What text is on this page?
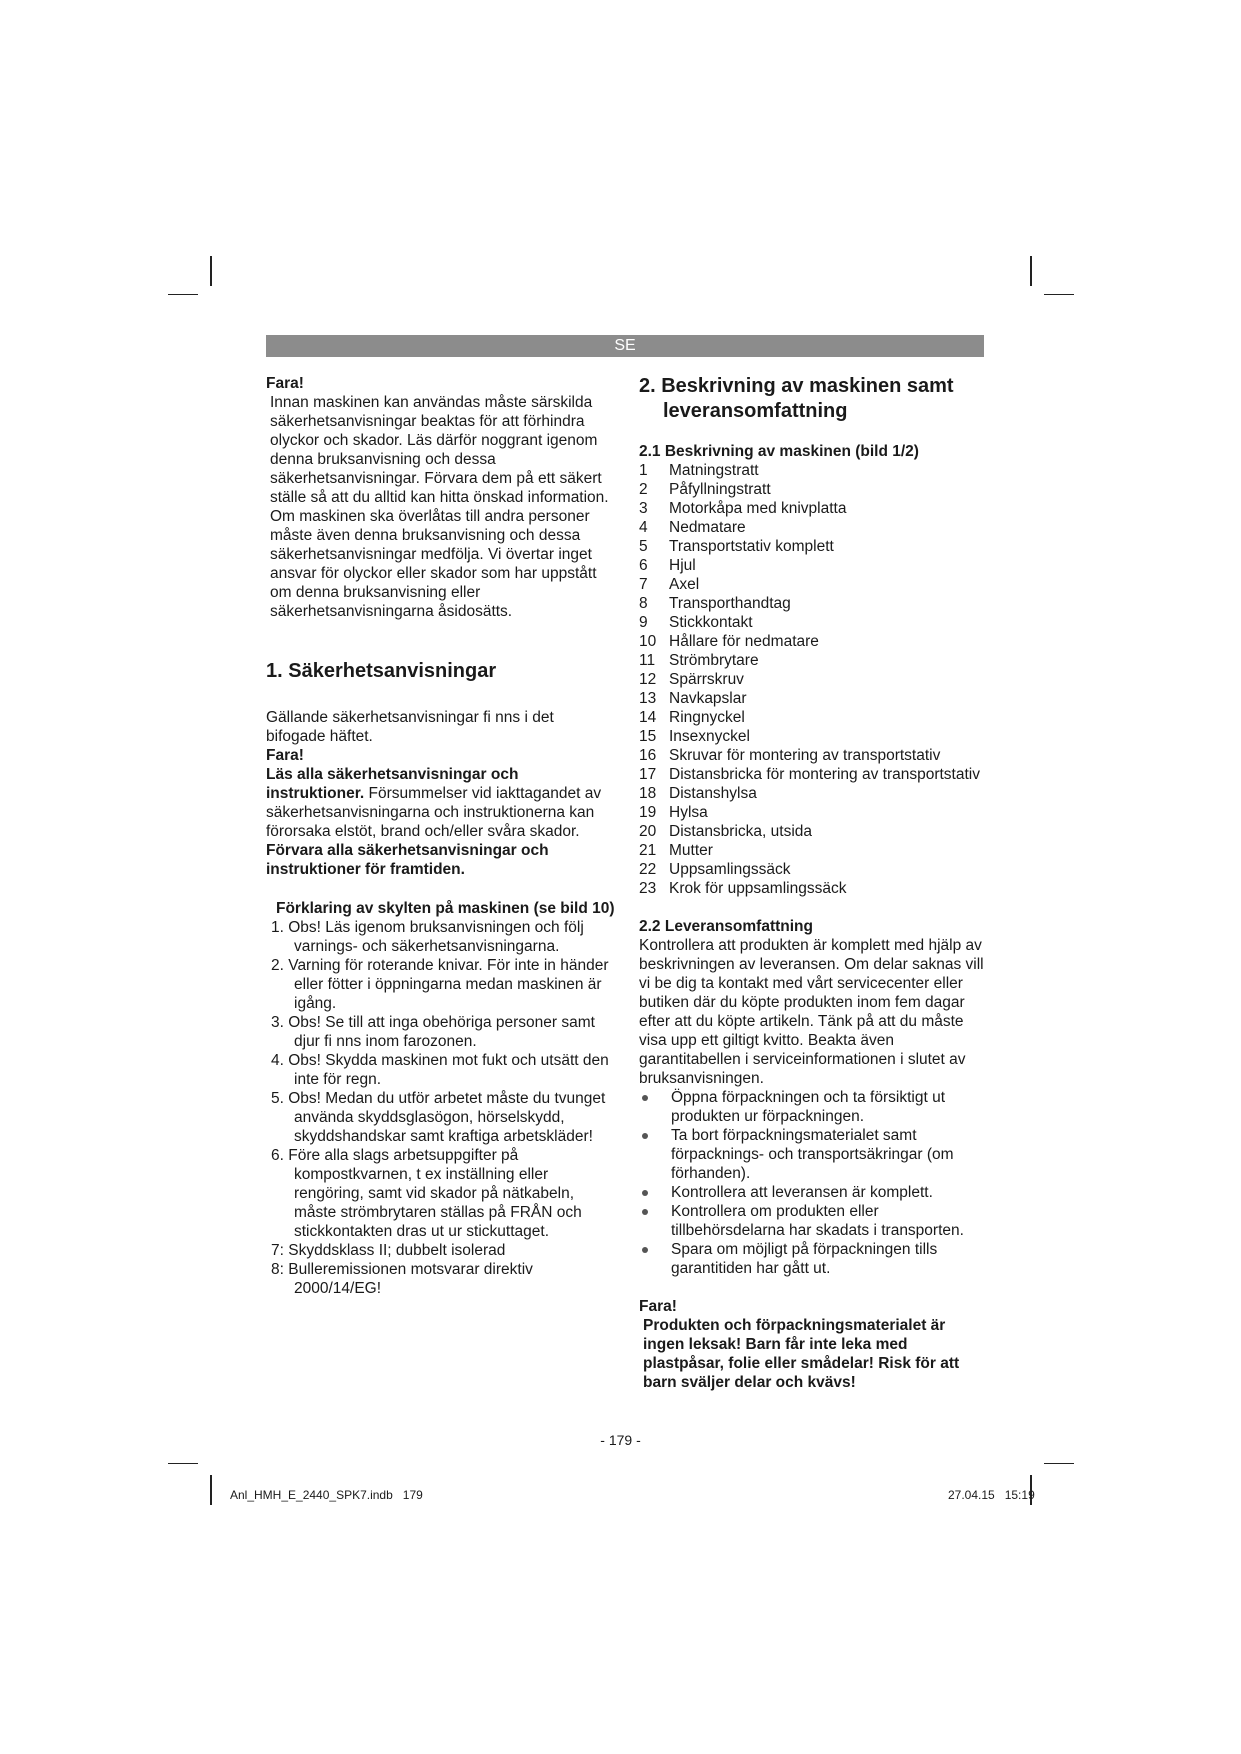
SE

Fara!

Innan maskinen kan användas måste särskilda säkerhetsanvisningar beaktas för att förhindra olyckor och skador. Läs därför noggrant igenom denna bruksanvisning och dessa säkerhetsanvisningar. Förvara dem på ett säkert ställe så att du alltid kan hitta önskad information. Om maskinen ska överlåtas till andra personer måste även denna bruksanvisning och dessa säkerhetsanvisningar medfölja. Vi övertar inget ansvar för olyckor eller skador som har uppstått om denna bruksanvisning eller säkerhetsanvisningarna åsidosätts.

1. Säkerhetsanvisningar

Gällande säkerhetsanvisningar fi nns i det bifogade häftet.

Fara!

Läs alla säkerhetsanvisningar och instruktioner. Försummelser vid iakttagandet av säkerhetsanvisningarna och instruktionerna kan förorsaka elstöt, brand och/eller svåra skador. Förvara alla säkerhetsanvisningar och instruktioner för framtiden.

Förklaring av skylten på maskinen (se bild 10)

1. Obs! Läs igenom bruksanvisningen och följ varnings- och säkerhetsanvisningarna.
2. Varning för roterande knivar. För inte in händer eller fötter i öppningarna medan maskinen är igång.
3. Obs! Se till att inga obehöriga personer samt djur fi nns inom farozonen.
4. Obs! Skydda maskinen mot fukt och utsätt den inte för regn.
5. Obs! Medan du utför arbetet måste du tvunget använda skyddsglasögon, hörselskydd, skyddshandskar samt kraftiga arbetskläder!
6. Före alla slags arbetsuppgifter på kompostkvarnen, t ex inställning eller rengöring, samt vid skador på nätkabeln, måste strömbrytaren ställas på FRÅN och stickkontakten dras ut ur stickuttaget.
7: Skyddsklass II; dubbelt isolerad
8: Bulleremissionen motsvarar direktiv 2000/14/EG!

2. Beskrivning av maskinen samt leveransomfattning

2.1 Beskrivning av maskinen (bild 1/2)

1	Matningstratt
2	Påfyllningstratt
3	Motorkåpa med knivplatta
4	Nedmatare
5	Transportstativ komplett
6	Hjul
7	Axel
8	Transporthandtag
9	Stickkontakt
10 Hållare för nedmatare
11 Strömbrytare
12 Spärrskruv
13 Navkapslar
14 Ringnyckel
15 Insexnyckel
16 Skruvar för montering av transportstativ
17 Distansbricka för montering av transportstativ
18 Distanshylsa
19 Hylsa
20 Distansbricka, utsida
21 Mutter
22 Uppsamlingssäck
23 Krok för uppsamlingssäck

2.2 Leveransomfattning

Kontrollera att produkten är komplett med hjälp av beskrivningen av leveransen. Om delar saknas vill vi be dig ta kontakt med vårt servicecenter eller butiken där du köpte produkten inom fem dagar efter att du köpte artikeln. Tänk på att du måste visa upp ett giltigt kvitto. Beakta även garantitabellen i serviceinformationen i slutet av bruksanvisningen.

Öppna förpackningen och ta försiktigt ut produkten ur förpackningen.
Ta bort förpackningsmaterialet samt förpacknings- och transportsäkringar (om förhanden).
Kontrollera att leveransen är komplett.
Kontrollera om produkten eller tillbehörsdelarna har skadats i transporten.
Spara om möjligt på förpackningen tills garantitiden har gått ut.

Fara!

Produkten och förpackningsmaterialet är ingen leksak! Barn får inte leka med plastpåsar, folie eller smådelar! Risk för att barn sväljer delar och kvävs!

- 179 -
Anl_HMH_E_2440_SPK7.indb   179	27.04.15   15:19
